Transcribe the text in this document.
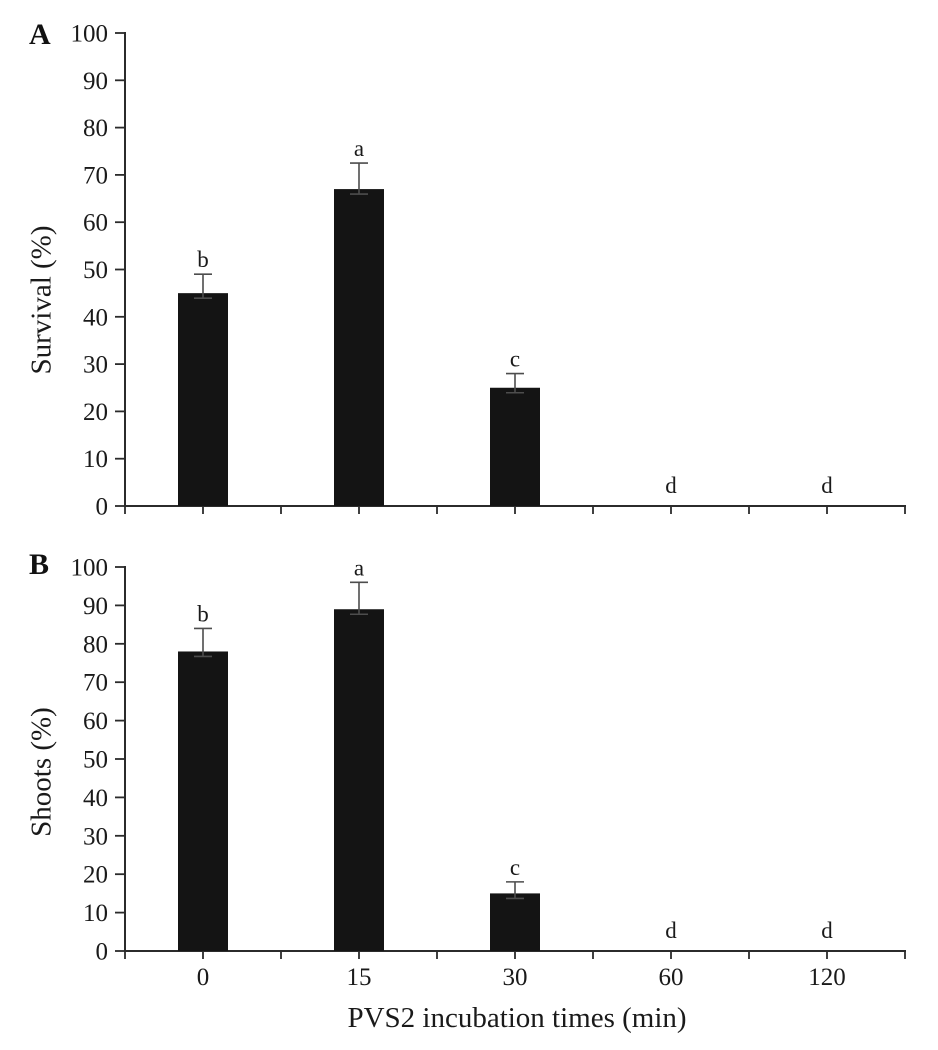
0
10
20
30
40
50
60
70
80
90
100
b
a
c
d	d
0
10
20
30
40
50
60
70
80
90
100
b
0
a
15
c
30
d
60
d
120
A
B
Survival (%)
Shoots (%)
PVS2 incubation times (min)
